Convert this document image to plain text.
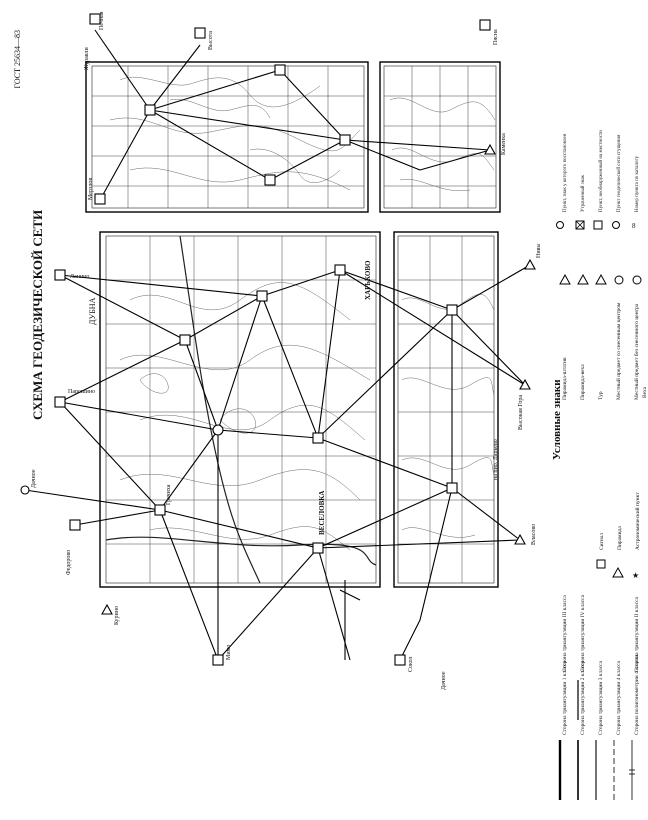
ГОСТ 25634—83
СХЕМА ГЕОДЕЗИЧЕСКОЙ СЕТИ	ДУБНА
ВЕСЕЛОВКА
ХАРЬКОВО
Гречиха
Ланино
Парошино
Дачное
Федорово
Курино
Мимо
Высокая Гора
Нивы
Власово
Журавли
Высота
Печная
Пясна
Каменка
Сокол
Мерзлов
Дачное
на пир. Дарьево	Условные знаки
Сторона триангуляции 1 класса Сторона триангуляции 2 класса Сторона триангуляции 3 класса Сторона триангуляции 4 класса Сторона полигонометрии 4 класса
Сторона триангуляции III класса Сторона триангуляции IV класса	Сторона триангуляции II класса
Сигнал Пирамида
★
Астрономический пункт
Пирамида-штатив Пирамида-веха Тур Местный предмет со снесенным центром Местный предмет без снесенного центра Веха
8
Пункт, знак у которого восстановлен	Утраченный знак	Пункт, необнаруженный на местности	Пункт геодезической сети сгущения	Номер пункта по каталогу
